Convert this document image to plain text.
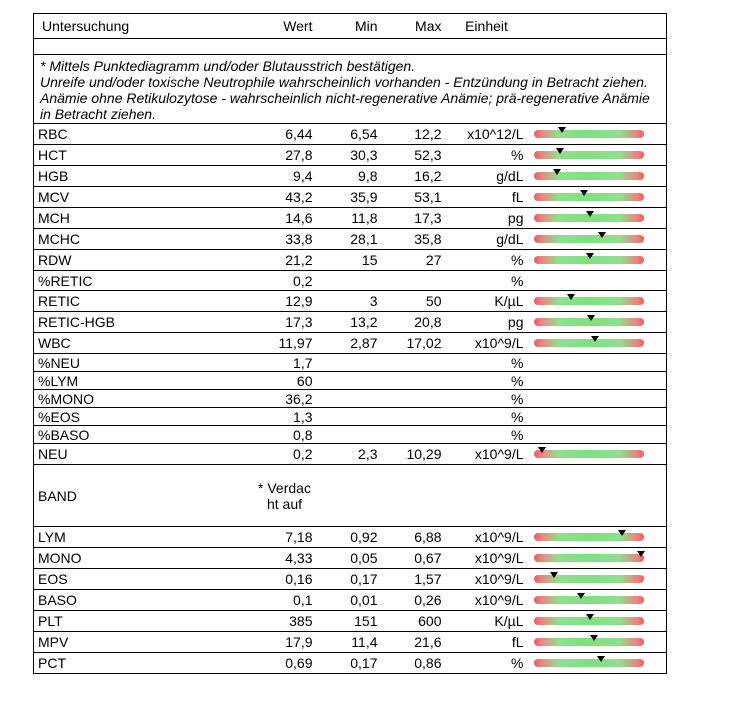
Untersuchung	Wert	Min	Max	Einheit	

* Mittels Punktediagramm und/oder Blutausstrich bestätigen.
Unreife und/oder toxische Neutrophile wahrscheinlich vorhanden - Entzündung in Betracht ziehen.
Anämie ohne Retikulozytose - wahrscheinlich nicht-regenerative Anämie; prä-regenerative Anämie in Betracht ziehen.					

RBC	6,44	6,54	12,2	x10^12/L	

HCT	27,8	30,3	52,3	%	

HGB	9,4	9,8	16,2	g/dL	

MCV	43,2	35,9	53,1	fL	

MCH	14,6	11,8	17,3	pg	

MCHC	33,8	28,1	35,8	g/dL	

RDW	21,2	15	27	%	

%RETIC	0,2			%	
RETIC	12,9	3	50	K/µL	

RETIC-HGB	17,3	13,2	20,8	pg	

WBC	11,97	2,87	17,02	x10^9/L	

%NEU	1,7			%	
%LYM	60			%	
%MONO	36,2			%	
%EOS	1,3			%	
%BASO	0,8			%	
NEU	0,2	2,3	10,29	x10^9/L	

BAND	* Verdac ht auf				
LYM	7,18	0,92	6,88	x10^9/L	

MONO	4,33	0,05	0,67	x10^9/L	

EOS	0,16	0,17	1,57	x10^9/L	

BASO	0,1	0,01	0,26	x10^9/L	

PLT	385	151	600	K/µL	

MPV	17,9	11,4	21,6	fL	

PCT	0,69	0,17	0,86	%	
